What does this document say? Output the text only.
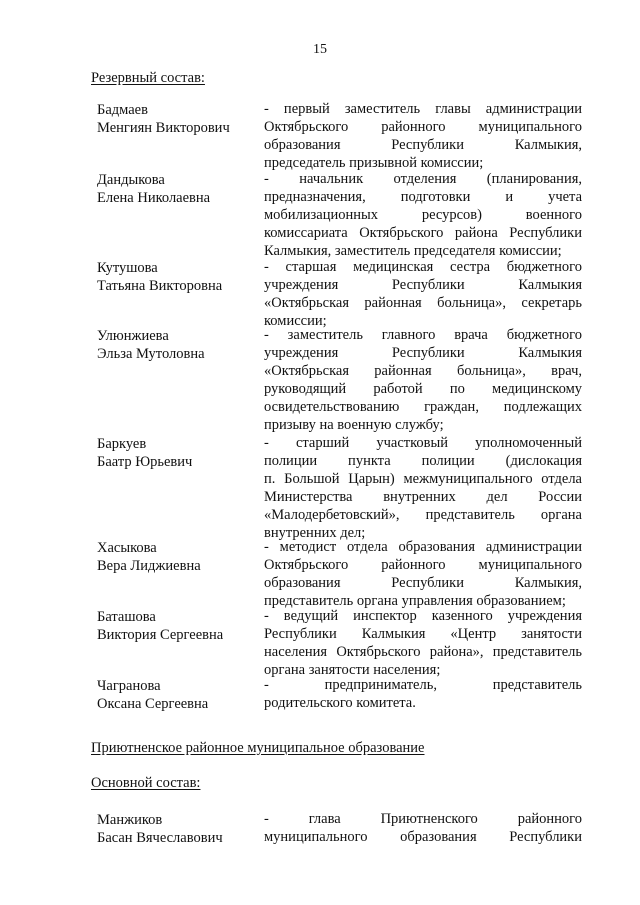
15
Резервный состав:
Бадмаев
Менгиян Викторович
- первый заместитель главы администрации
Октябрьского районного муниципального
образования Республики Калмыкия,
председатель призывной комиссии;
Дандыкова
Елена Николаевна
- начальник отделения (планирования,
предназначения, подготовки и учета
мобилизационных ресурсов) военного
комиссариата Октябрьского района Республики
Калмыкия, заместитель председателя комиссии;
Кутушова
Татьяна Викторовна
- старшая медицинская сестра бюджетного
учреждения Республики Калмыкия
«Октябрьская районная больница», секретарь
комиссии;
Улюнжиева
Эльза Мутоловна
- заместитель главного врача бюджетного
учреждения Республики Калмыкия
«Октябрьская районная больница», врач,
руководящий работой по медицинскому
освидетельствованию граждан, подлежащих
призыву на военную службу;
Баркуев
Баатр Юрьевич
- старший участковый уполномоченный
полиции пункта полиции (дислокация
п. Большой Царын) межмуниципального отдела
Министерства внутренних дел России
«Малодербетовский», представитель органа
внутренних дел;
Хасыкова
Вера Лиджиевна
- методист отдела образования администрации
Октябрьского районного муниципального
образования Республики Калмыкия,
представитель органа управления образованием;
Баташова
Виктория Сергеевна
- ведущий инспектор казенного учреждения
Республики Калмыкия «Центр занятости
населения Октябрьского района», представитель
органа занятости населения;
Чагранова
Оксана Сергеевна
- предприниматель, представитель
родительского комитета.
Приютненское районное муниципальное образование
Основной состав:
Манжиков
Басан Вячеславович
- глава Приютненского районного
муниципального образования Республики
